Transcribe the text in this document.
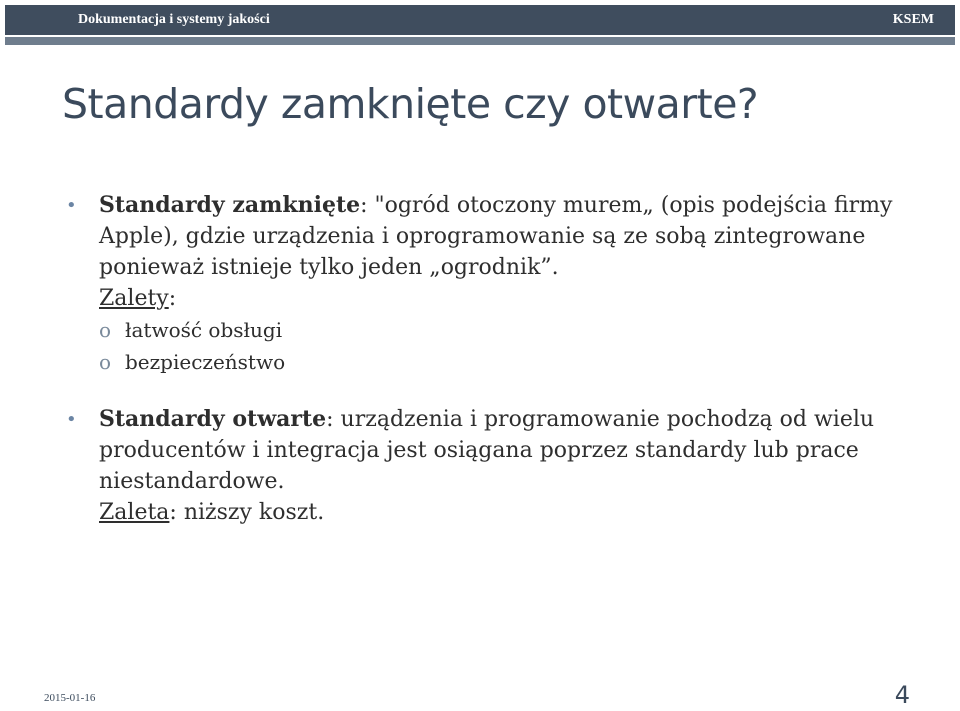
Dokumentacja i systemy jakości	KSEM
Standardy zamknięte czy otwarte?
• Standardy zamknięte: "ogród otoczony murem„ (opis podejścia firmy Apple), gdzie urządzenia i oprogramowanie są ze sobą zintegrowane ponieważ istnieje tylko jeden „ogrodnik”.
Zalety:
o łatwość obsługi
o bezpieczeństwo
• Standardy otwarte: urządzenia i programowanie pochodzą od wielu producentów i integracja jest osiągana poprzez standardy lub prace niestandardowe.
Zaleta: niższy koszt.
2015-01-16	4
